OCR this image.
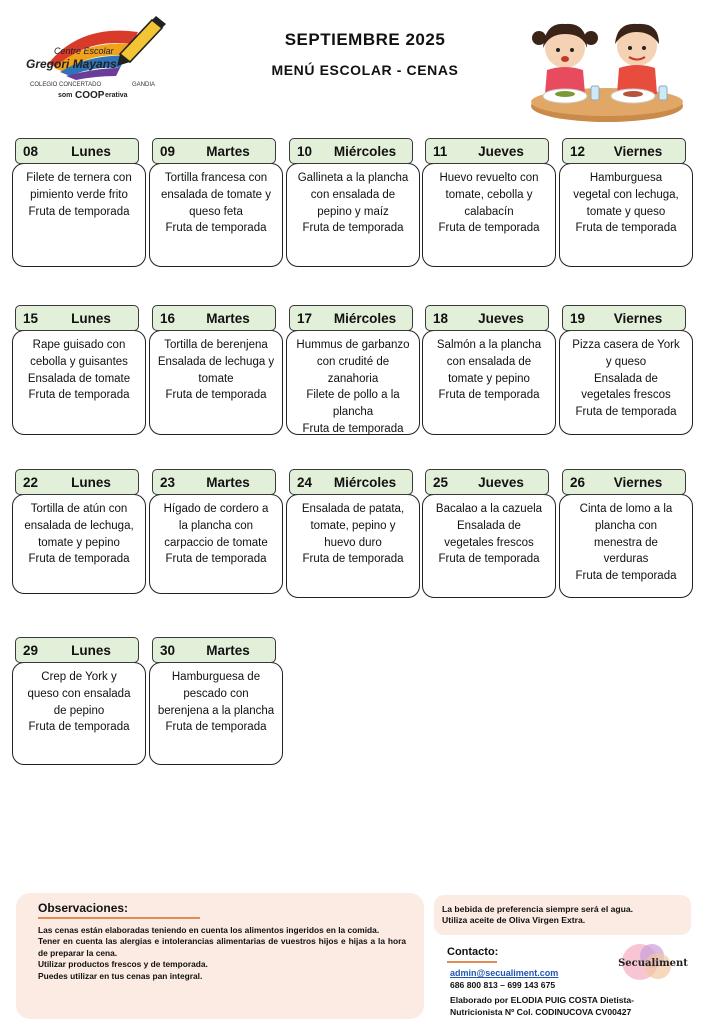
Centre Escolar
Gregori Mayans
COLEGIO CONCERTADO	GANDIA
som COOP erativa
SEPTIEMBRE 2025
MENÚ ESCOLAR - CENAS
Filete de ternera con
pimiento verde frito
Fruta de temporada
08	Lunes
Tortilla francesa con
ensalada de tomate y
queso feta
Fruta de temporada
09	Martes
Gallineta a la plancha
con ensalada de
pepino y maíz
Fruta de temporada
10	Miércoles
Huevo revuelto con
tomate, cebolla y
calabacín
Fruta de temporada
11	Jueves
Hamburguesa
vegetal con lechuga,
tomate y queso
Fruta de temporada
12	Viernes
Rape guisado con
cebolla y guisantes
Ensalada de tomate
Fruta de temporada
15	Lunes
Tortilla de berenjena
Ensalada de lechuga y
tomate
Fruta de temporada
16	Martes
Hummus de garbanzo
con crudité de
zanahoria
Filete de pollo a la
plancha
Fruta de temporada
17	Miércoles
Salmón a la plancha
con ensalada de
tomate y pepino
Fruta de temporada
18	Jueves
Pizza casera de York
y queso
Ensalada de
vegetales frescos
Fruta de temporada
19	Viernes
Tortilla de atún con
ensalada de lechuga,
tomate y pepino
Fruta de temporada
22	Lunes
Hígado de cordero a
la plancha con
carpaccio de tomate
Fruta de temporada
23	Martes
Ensalada de patata,
tomate, pepino y
huevo duro
Fruta de temporada
24	Miércoles
Bacalao a la cazuela
Ensalada de
vegetales frescos
Fruta de temporada
25	Jueves
Cinta de lomo a la
plancha con
menestra de
verduras
Fruta de temporada
26	Viernes
Crep de York y
queso con ensalada
de pepino
Fruta de temporada
29	Lunes
Hamburguesa de
pescado con
berenjena a la plancha
Fruta de temporada
30	Martes
Observaciones:
Las cenas están elaboradas teniendo en cuenta los alimentos ingeridos en la comida.
Tener en cuenta las alergias e intolerancias alimentarias de vuestros hijos e hijas a la hora de preparar la cena.
Utilizar productos frescos y de temporada.
Puedes utilizar en tus cenas pan integral.
La bebida de preferencia siempre será el agua.
Utiliza aceite de Oliva Virgen Extra.
Contacto:
admin@secualiment.com
686 800 813 – 699 143 675
Elaborado por ELODIA PUIG COSTA Dietista-
Nutricionista Nº Col. CODINUCOVA CV00427
Secualiment
